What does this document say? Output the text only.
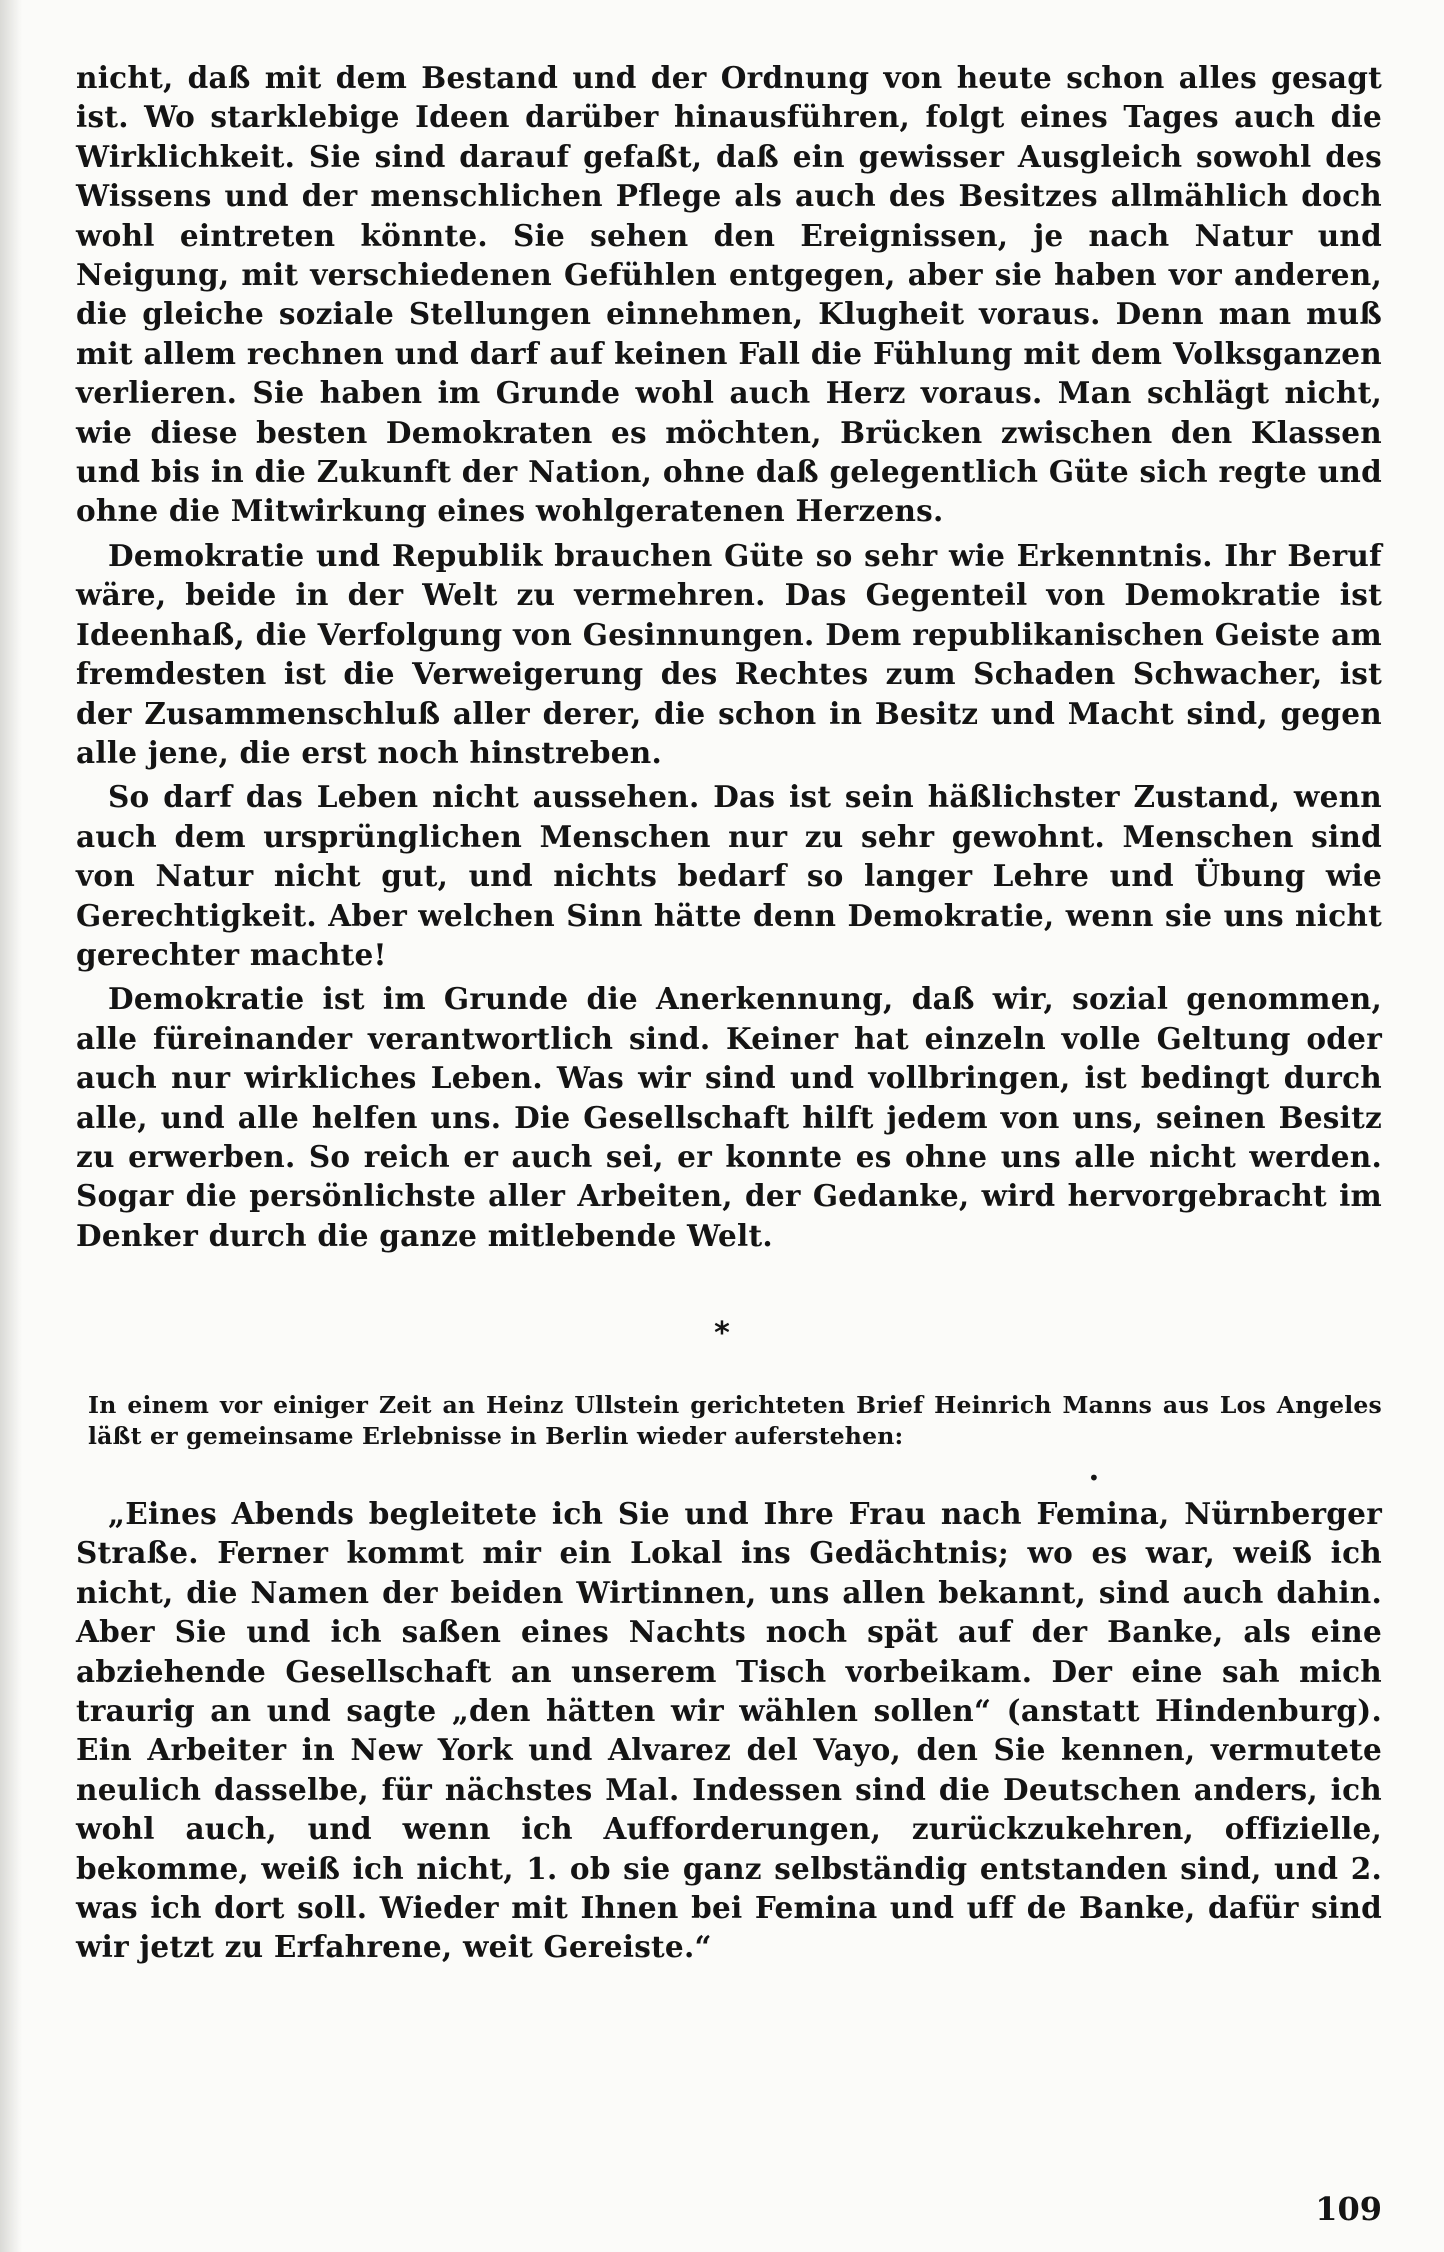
nicht, daß mit dem Bestand und der Ordnung von heute schon alles gesagt ist. Wo starklebige Ideen darüber hinausführen, folgt eines Tages auch die Wirklichkeit. Sie sind darauf gefaßt, daß ein gewisser Ausgleich sowohl des Wissens und der menschlichen Pflege als auch des Besitzes allmählich doch wohl eintreten könnte. Sie sehen den Ereignissen, je nach Natur und Neigung, mit verschiedenen Gefühlen entgegen, aber sie haben vor anderen, die gleiche soziale Stellungen einnehmen, Klugheit voraus. Denn man muß mit allem rechnen und darf auf keinen Fall die Fühlung mit dem Volksganzen verlieren. Sie haben im Grunde wohl auch Herz voraus. Man schlägt nicht, wie diese besten Demokraten es möchten, Brücken zwischen den Klassen und bis in die Zukunft der Nation, ohne daß gelegentlich Güte sich regte und ohne die Mitwirkung eines wohlgeratenen Herzens.

Demokratie und Republik brauchen Güte so sehr wie Erkenntnis. Ihr Beruf wäre, beide in der Welt zu vermehren. Das Gegenteil von Demokratie ist Ideenhaß, die Verfolgung von Gesinnungen. Dem republikanischen Geiste am fremdesten ist die Verweigerung des Rechtes zum Schaden Schwacher, ist der Zusammenschluß aller derer, die schon in Besitz und Macht sind, gegen alle jene, die erst noch hinstreben.

So darf das Leben nicht aussehen. Das ist sein häßlichster Zustand, wenn auch dem ursprünglichen Menschen nur zu sehr gewohnt. Menschen sind von Natur nicht gut, und nichts bedarf so langer Lehre und Übung wie Gerechtigkeit. Aber welchen Sinn hätte denn Demokratie, wenn sie uns nicht gerechter machte!

Demokratie ist im Grunde die Anerkennung, daß wir, sozial genommen, alle füreinander verantwortlich sind. Keiner hat einzeln volle Geltung oder auch nur wirkliches Leben. Was wir sind und vollbringen, ist bedingt durch alle, und alle helfen uns. Die Gesellschaft hilft jedem von uns, seinen Besitz zu erwerben. So reich er auch sei, er konnte es ohne uns alle nicht werden. Sogar die persönlichste aller Arbeiten, der Gedanke, wird hervorgebracht im Denker durch die ganze mitlebende Welt.

*
In einem vor einiger Zeit an Heinz Ullstein gerichteten Brief Heinrich Manns aus Los Angeles läßt er gemeinsame Erlebnisse in Berlin wieder auferstehen:
•

„Eines Abends begleitete ich Sie und Ihre Frau nach Femina, Nürnberger Straße. Ferner kommt mir ein Lokal ins Gedächtnis; wo es war, weiß ich nicht, die Namen der beiden Wirtinnen, uns allen bekannt, sind auch dahin. Aber Sie und ich saßen eines Nachts noch spät auf der Banke, als eine abziehende Gesellschaft an unserem Tisch vorbeikam. Der eine sah mich traurig an und sagte „den hätten wir wählen sollen“ (anstatt Hindenburg). Ein Arbeiter in New York und Alvarez del Vayo, den Sie kennen, vermutete neulich dasselbe, für nächstes Mal. Indessen sind die Deutschen anders, ich wohl auch, und wenn ich Aufforderungen, zurückzukehren, offizielle, bekomme, weiß ich nicht, 1. ob sie ganz selbständig entstanden sind, und 2. was ich dort soll. Wieder mit Ihnen bei Femina und uff de Banke, dafür sind wir jetzt zu Erfahrene, weit Gereiste.“

109
